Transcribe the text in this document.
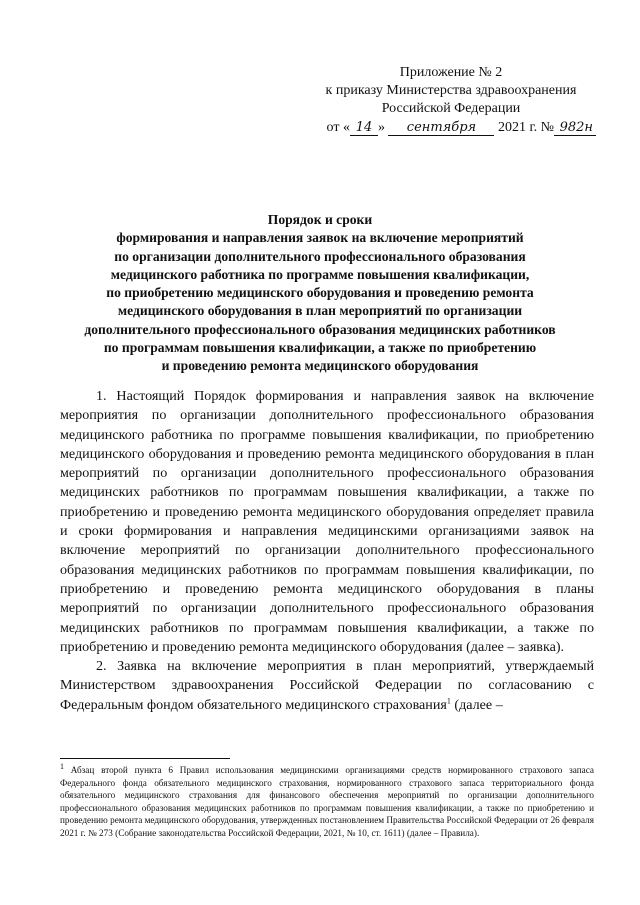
Приложение № 2
к приказу Министерства здравоохранения
Российской Федерации
от « 14 » сентября 2021 г. № 982н
Порядок и сроки
формирования и направления заявок на включение мероприятий
по организации дополнительного профессионального образования
медицинского работника по программе повышения квалификации,
по приобретению медицинского оборудования и проведению ремонта
медицинского оборудования в план мероприятий по организации
дополнительного профессионального образования медицинских работников
по программам повышения квалификации, а также по приобретению
и проведению ремонта медицинского оборудования

1. Настоящий Порядок формирования и направления заявок на включение мероприятия по организации дополнительного профессионального образования медицинского работника по программе повышения квалификации, по приобретению медицинского оборудования и проведению ремонта медицинского оборудования в план мероприятий по организации дополнительного профессионального образования медицинских работников по программам повышения квалификации, а также по приобретению и проведению ремонта медицинского оборудования определяет правила и сроки формирования и направления медицинскими организациями заявок на включение мероприятий по организации дополнительного профессионального образования медицинских работников по программам повышения квалификации, по приобретению и проведению ремонта медицинского оборудования в планы мероприятий по организации дополнительного профессионального образования медицинских работников по программам повышения квалификации, а также по приобретению и проведению ремонта медицинского оборудования (далее – заявка).

2. Заявка на включение мероприятия в план мероприятий, утверждаемый Министерством здравоохранения Российской Федерации по согласованию с Федеральным фондом обязательного медицинского страхования$^1$ (далее –

$^1$ Абзац второй пункта 6 Правил использования медицинскими организациями средств нормированного страхового запаса Федерального фонда обязательного медицинского страхования, нормированного страхового запаса территориального фонда обязательного медицинского страхования для финансового обеспечения мероприятий по организации дополнительного профессионального образования медицинских работников по программам повышения квалификации, а также по приобретению и проведению ремонта медицинского оборудования, утвержденных постановлением Правительства Российской Федерации от 26 февраля 2021 г. № 273 (Собрание законодательства Российской Федерации, 2021, № 10, ст. 1611) (далее – Правила).
